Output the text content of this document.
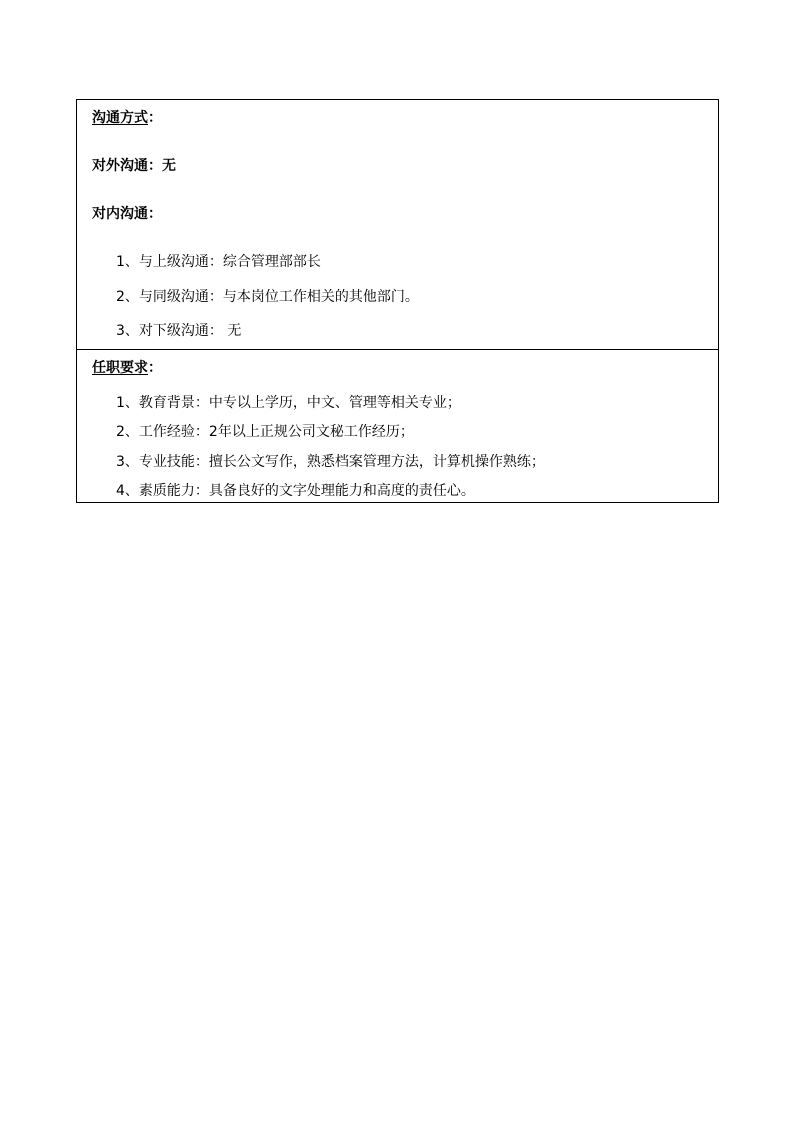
沟通方式：
对外沟通：无
对内沟通：
1、与上级沟通：综合管理部部长
2、与同级沟通：与本岗位工作相关的其他部门。
3、对下级沟通： 无
任职要求：
1、教育背景：中专以上学历，中文、管理等相关专业；
2、工作经验：2年以上正规公司文秘工作经历；
3、专业技能：擅长公文写作，熟悉档案管理方法，计算机操作熟练；
4、素质能力：具备良好的文字处理能力和高度的责任心。
